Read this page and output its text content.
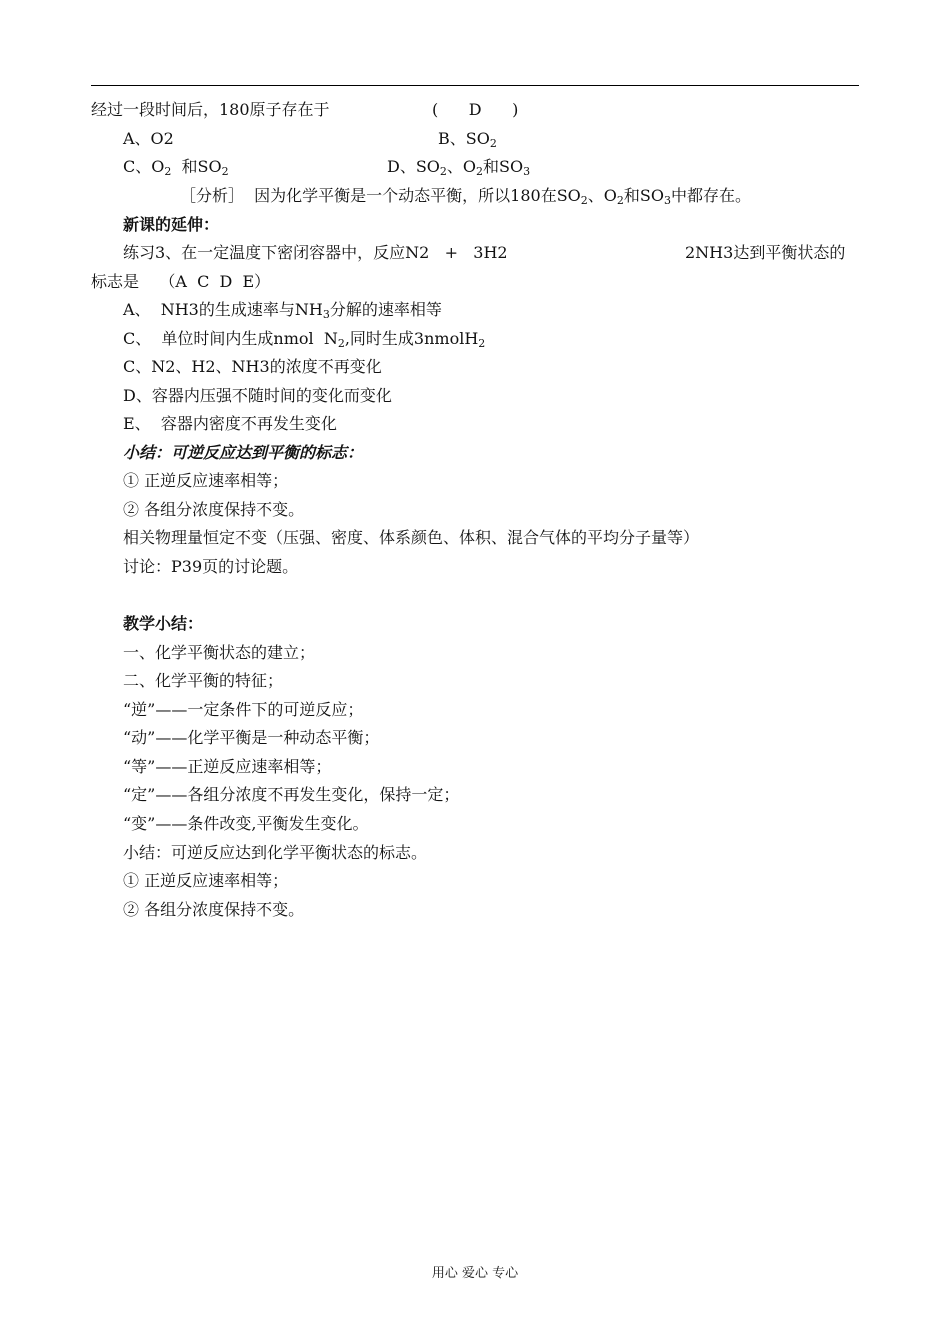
经过一段时间后，180原子存在于	(      D      )
A、O2	B、$SO_2$
C、$O_2$  和$SO_2$	D、$SO_2$、$O_2$和$SO_3$
［分析］  因为化学平衡是一个动态平衡，所以180在$SO_2$、$O_2$和$SO_3$中都存在。
新课的延伸：
练习3、在一定温度下密闭容器中，反应N2   +   3H2	2NH3达到平衡状态的
标志是    （A  C  D  E）
A、  NH3的生成速率与$NH_3$分解的速率相等
C、  单位时间内生成nmol  $N_2$,同时生成3nmolH$_2$
C、N2、H2、NH3的浓度不再变化
D、容器内压强不随时间的变化而变化
E、  容器内密度不再发生变化
小结：可逆反应达到平衡的标志：
① 正逆反应速率相等；
② 各组分浓度保持不变。
相关物理量恒定不变（压强、密度、体系颜色、体积、混合气体的平均分子量等）
讨论：P39页的讨论题。
教学小结：
一、化学平衡状态的建立；
二、化学平衡的特征；
“逆”——一定条件下的可逆反应；
“动”——化学平衡是一种动态平衡；
“等”——正逆反应速率相等；
“定”——各组分浓度不再发生变化，保持一定；
“变”——条件改变,平衡发生变化。
小结：可逆反应达到化学平衡状态的标志。
① 正逆反应速率相等；
② 各组分浓度保持不变。
用心 爱心 专心
